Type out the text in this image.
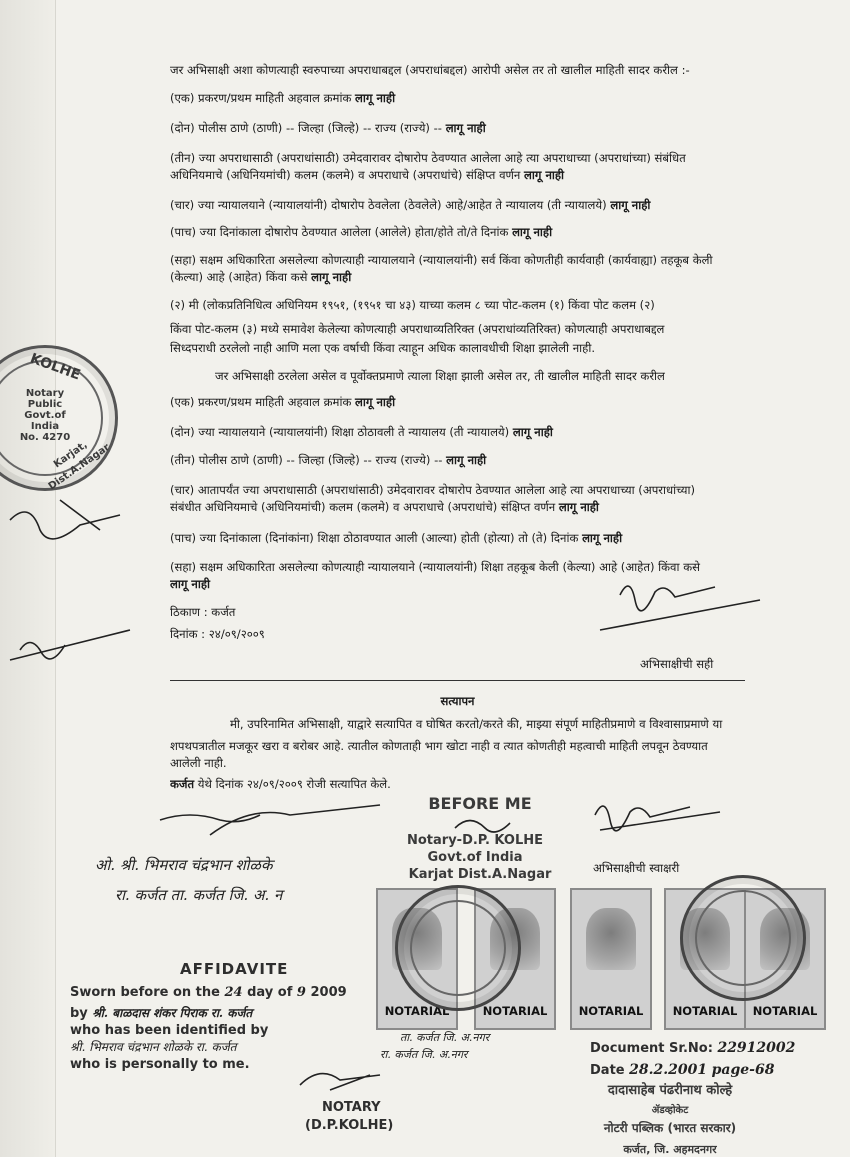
जर अभिसाक्षी अशा कोणत्याही स्वरुपाच्या अपराधाबद्दल (अपराधांबद्दल) आरोपी असेल तर तो खालील माहिती सादर करील :-
(एक) प्रकरण/प्रथम माहिती अहवाल क्रमांक लागू नाही
(दोन) पोलीस ठाणे (ठाणी) -- जिल्हा (जिल्हे) -- राज्य (राज्ये) -- लागू नाही
(तीन) ज्या अपराधासाठी (अपराधांसाठी) उमेदवारावर दोषारोप ठेवण्यात आलेला आहे त्या अपराधाच्या (अपराधांच्या) संबंधित
अधिनियमाचे (अधिनियमांची) कलम (कलमे) व अपराधाचे (अपराधांचे) संक्षिप्त वर्णन लागू नाही
(चार) ज्या न्यायालयाने (न्यायालयांनी) दोषारोप ठेवलेला (ठेवलेले) आहे/आहेत ते न्यायालय (ती न्यायालये) लागू नाही
(पाच) ज्या दिनांकाला दोषारोप ठेवण्यात आलेला (आलेले) होता/होते तो/ते दिनांक लागू नाही
(सहा) सक्षम अधिकारिता असलेल्या कोणत्याही न्यायालयाने (न्यायालयांनी) सर्व किंवा कोणतीही कार्यवाही (कार्यवाह्या) तहकूब केली
(केल्या) आहे (आहेत) किंवा कसे लागू नाही
(२) मी (लोकप्रतिनिधित्व अधिनियम १९५१, (१९५१ चा ४३) याच्या कलम ८ च्या पोट-कलम (१) किंवा पोट कलम (२)
किंवा पोट-कलम (३) मध्ये समावेश केलेल्या कोणत्याही अपराधाव्यतिरिक्त (अपराधांव्यतिरिक्त) कोणत्याही अपराधाबद्दल
सिध्दपराधी ठरलेलो नाही आणि मला एक वर्षाची किंवा त्याहून अधिक कालावधीची शिक्षा झालेली नाही.
जर अभिसाक्षी ठरलेला असेल व पूर्वोक्तप्रमाणे त्याला शिक्षा झाली असेल तर, ती खालील माहिती सादर करील
(एक) प्रकरण/प्रथम माहिती अहवाल क्रमांक लागू नाही
(दोन) ज्या न्यायालयाने (न्यायालयांनी) शिक्षा ठोठावली ते न्यायालय (ती न्यायालये) लागू नाही
(तीन) पोलीस ठाणे (ठाणी) -- जिल्हा (जिल्हे) -- राज्य (राज्ये) -- लागू नाही
(चार) आतापर्यंत ज्या अपराधासाठी (अपराधांसाठी) उमेदवारावर दोषारोप ठेवण्यात आलेला आहे त्या अपराधाच्या (अपराधांच्या)
संबंधीत अधिनियमाचे (अधिनियमांची) कलम (कलमे) व अपराधाचे (अपराधांचे) संक्षिप्त वर्णन लागू नाही
(पाच) ज्या दिनांकाला (दिनांकांना) शिक्षा ठोठावण्यात आली (आल्या) होती (होत्या) तो (ते) दिनांक लागू नाही
(सहा) सक्षम अधिकारिता असलेल्या कोणत्याही न्यायालयाने (न्यायालयांनी) शिक्षा तहकूब केली (केल्या) आहे (आहेत) किंवा कसे
लागू नाही
ठिकाण : कर्जत
दिनांक : २४/०९/२००९
अभिसाक्षीची सही
सत्यापन
मी, उपरिनामित अभिसाक्षी, याद्वारे सत्यापित व घोषित करतो/करते की, माझ्या संपूर्ण माहितीप्रमाणे व विश्वासाप्रमाणे या
शपथपत्रातील मजकूर खरा व बरोबर आहे. त्यातील कोणताही भाग खोटा नाही व त्यात कोणतीही महत्वाची माहिती लपवून ठेवण्यात
आलेली नाही.
कर्जत येथे दिनांक २४/०९/२००९ रोजी सत्यापित केले.
अभिसाक्षीची स्वाक्षरी
BEFORE ME
Notary-D.P. KOLHE
Govt.of India
Karjat Dist.A.Nagar
KOLHE
Notary
Public
Govt.of
India
No. 4270
Karjat, Dist.A.Nagar
ओ. श्री. भिमराव चंद्रभान शोळके
रा. कर्जत ता. कर्जत जि. अ. न
NOTARIAL	NOTARIAL	NOTARIAL	NOTARIAL	NOTARIAL
AFFIDAVITE
Sworn before on the 24 day of 9 2009
by श्री. बाळदास शंकर पिराक रा. कर्जत
who has been identified by
श्री. भिमराव चंद्रभान शोळके रा. कर्जत
who is personally to me.
ता. कर्जत जि. अ.नगर
रा. कर्जत जि. अ.नगर
NOTARY
(D.P.KOLHE)
Document Sr.No: 22912002
Date 28.2.2001 page-68
दादासाहेब पंढरीनाथ कोल्हे
ॲडव्होकेट
नोटरी पब्लिक (भारत सरकार)
कर्जत, जि. अहमदनगर
